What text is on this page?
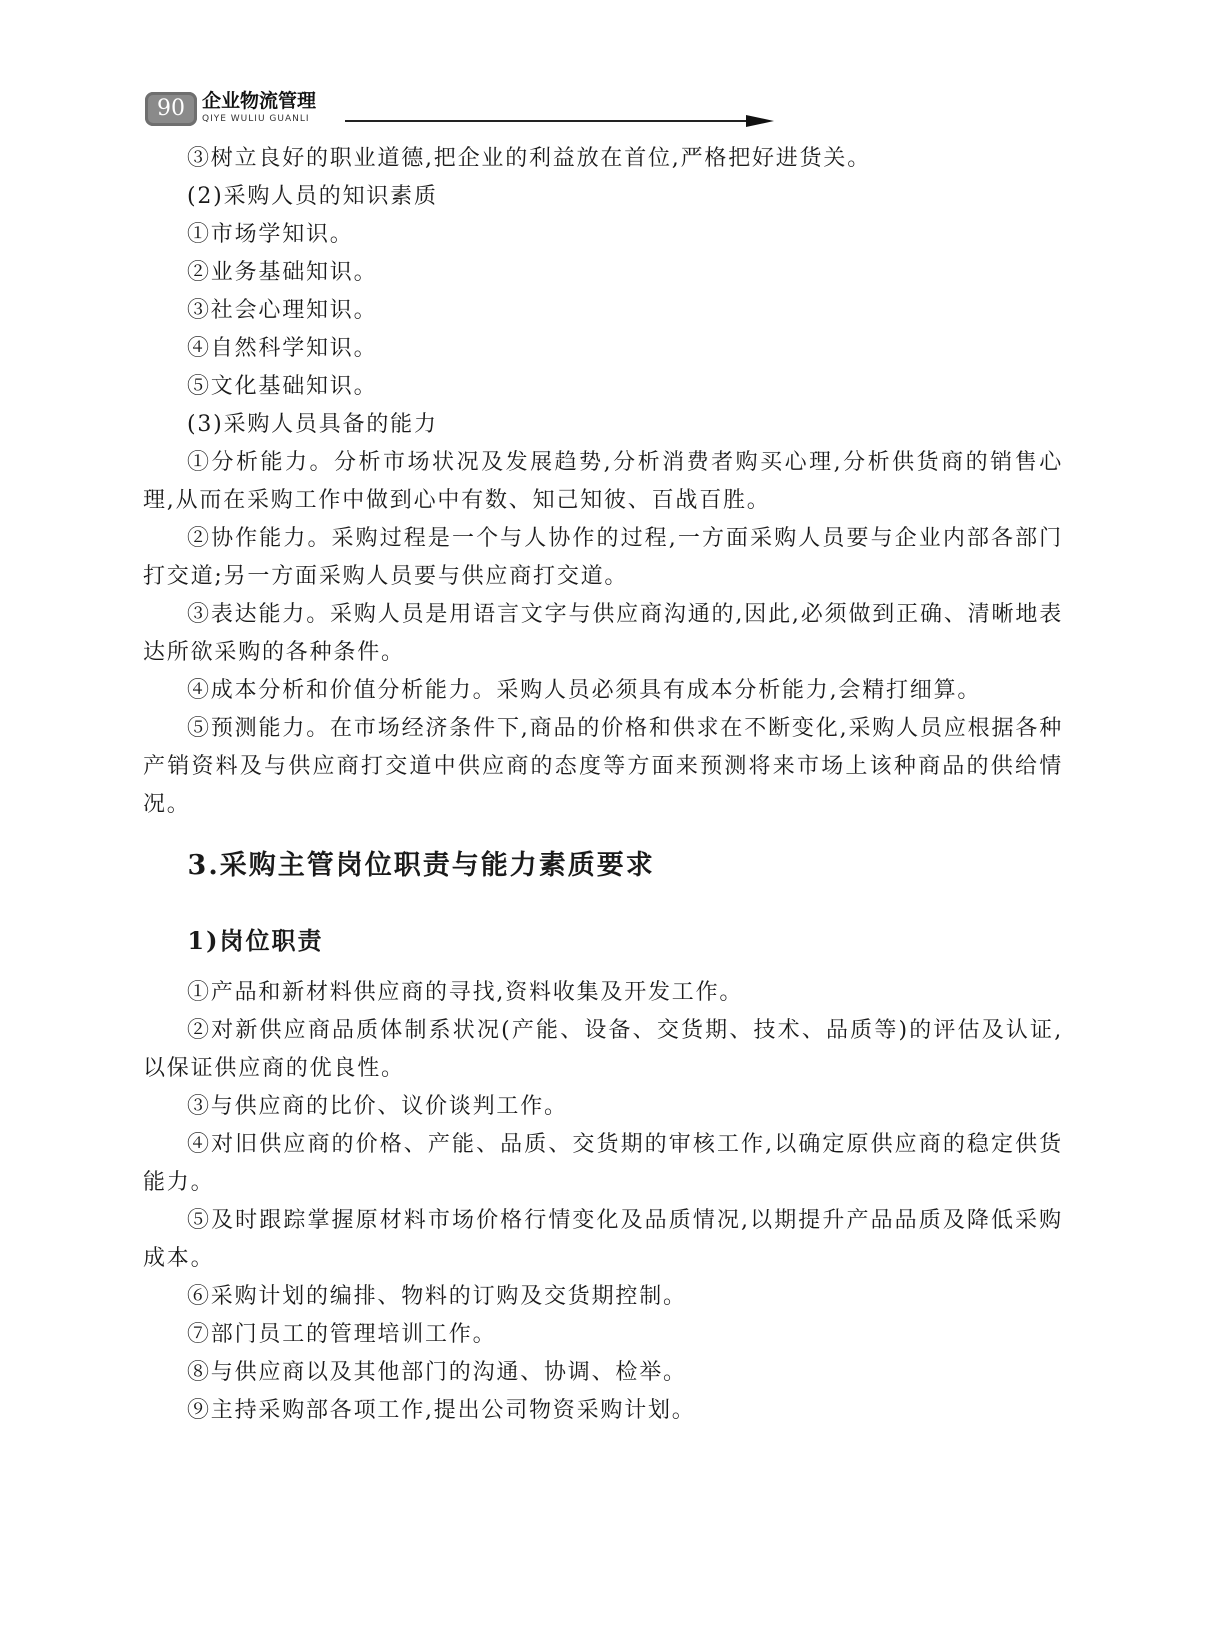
90 企业物流管理
QIYE WULIU GUANLI

③树立良好的职业道德,把企业的利益放在首位,严格把好进货关。

(2)采购人员的知识素质

①市场学知识。

②业务基础知识。

③社会心理知识。

④自然科学知识。

⑤文化基础知识。

(3)采购人员具备的能力

①分析能力。分析市场状况及发展趋势,分析消费者购买心理,分析供货商的销售心理,从而在采购工作中做到心中有数、知己知彼、百战百胜。

②协作能力。采购过程是一个与人协作的过程,一方面采购人员要与企业内部各部门打交道;另一方面采购人员要与供应商打交道。

③表达能力。采购人员是用语言文字与供应商沟通的,因此,必须做到正确、清晰地表达所欲采购的各种条件。

④成本分析和价值分析能力。采购人员必须具有成本分析能力,会精打细算。

⑤预测能力。在市场经济条件下,商品的价格和供求在不断变化,采购人员应根据各种产销资料及与供应商打交道中供应商的态度等方面来预测将来市场上该种商品的供给情况。

3.采购主管岗位职责与能力素质要求
1)岗位职责

①产品和新材料供应商的寻找,资料收集及开发工作。

②对新供应商品质体制系状况(产能、设备、交货期、技术、品质等)的评估及认证,以保证供应商的优良性。

③与供应商的比价、议价谈判工作。

④对旧供应商的价格、产能、品质、交货期的审核工作,以确定原供应商的稳定供货能力。

⑤及时跟踪掌握原材料市场价格行情变化及品质情况,以期提升产品品质及降低采购成本。

⑥采购计划的编排、物料的订购及交货期控制。

⑦部门员工的管理培训工作。

⑧与供应商以及其他部门的沟通、协调、检举。

⑨主持采购部各项工作,提出公司物资采购计划。
